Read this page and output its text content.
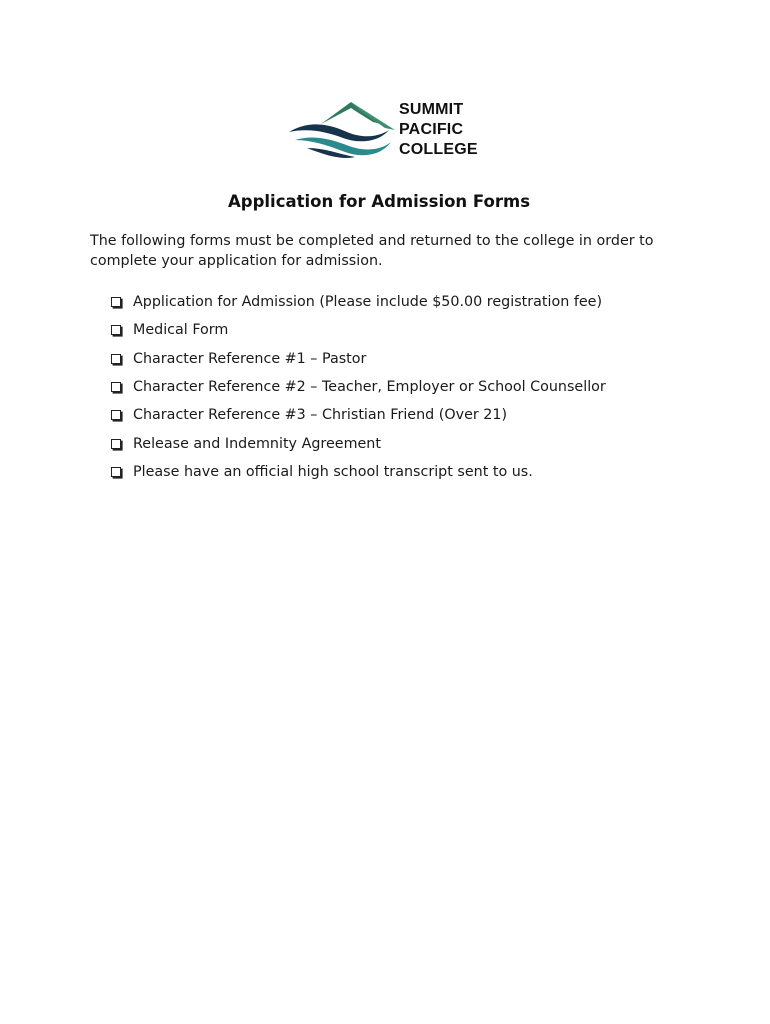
SUMMIT
PACIFIC
COLLEGE
Application for Admission Forms

The following forms must be completed and returned to the college in order to complete your application for admission.

Application for Admission (Please include $50.00 registration fee)
Medical Form
Character Reference #1 – Pastor
Character Reference #2 – Teacher, Employer or School Counsellor
Character Reference #3 – Christian Friend (Over 21)
Release and Indemnity Agreement
Please have an official high school transcript sent to us.
